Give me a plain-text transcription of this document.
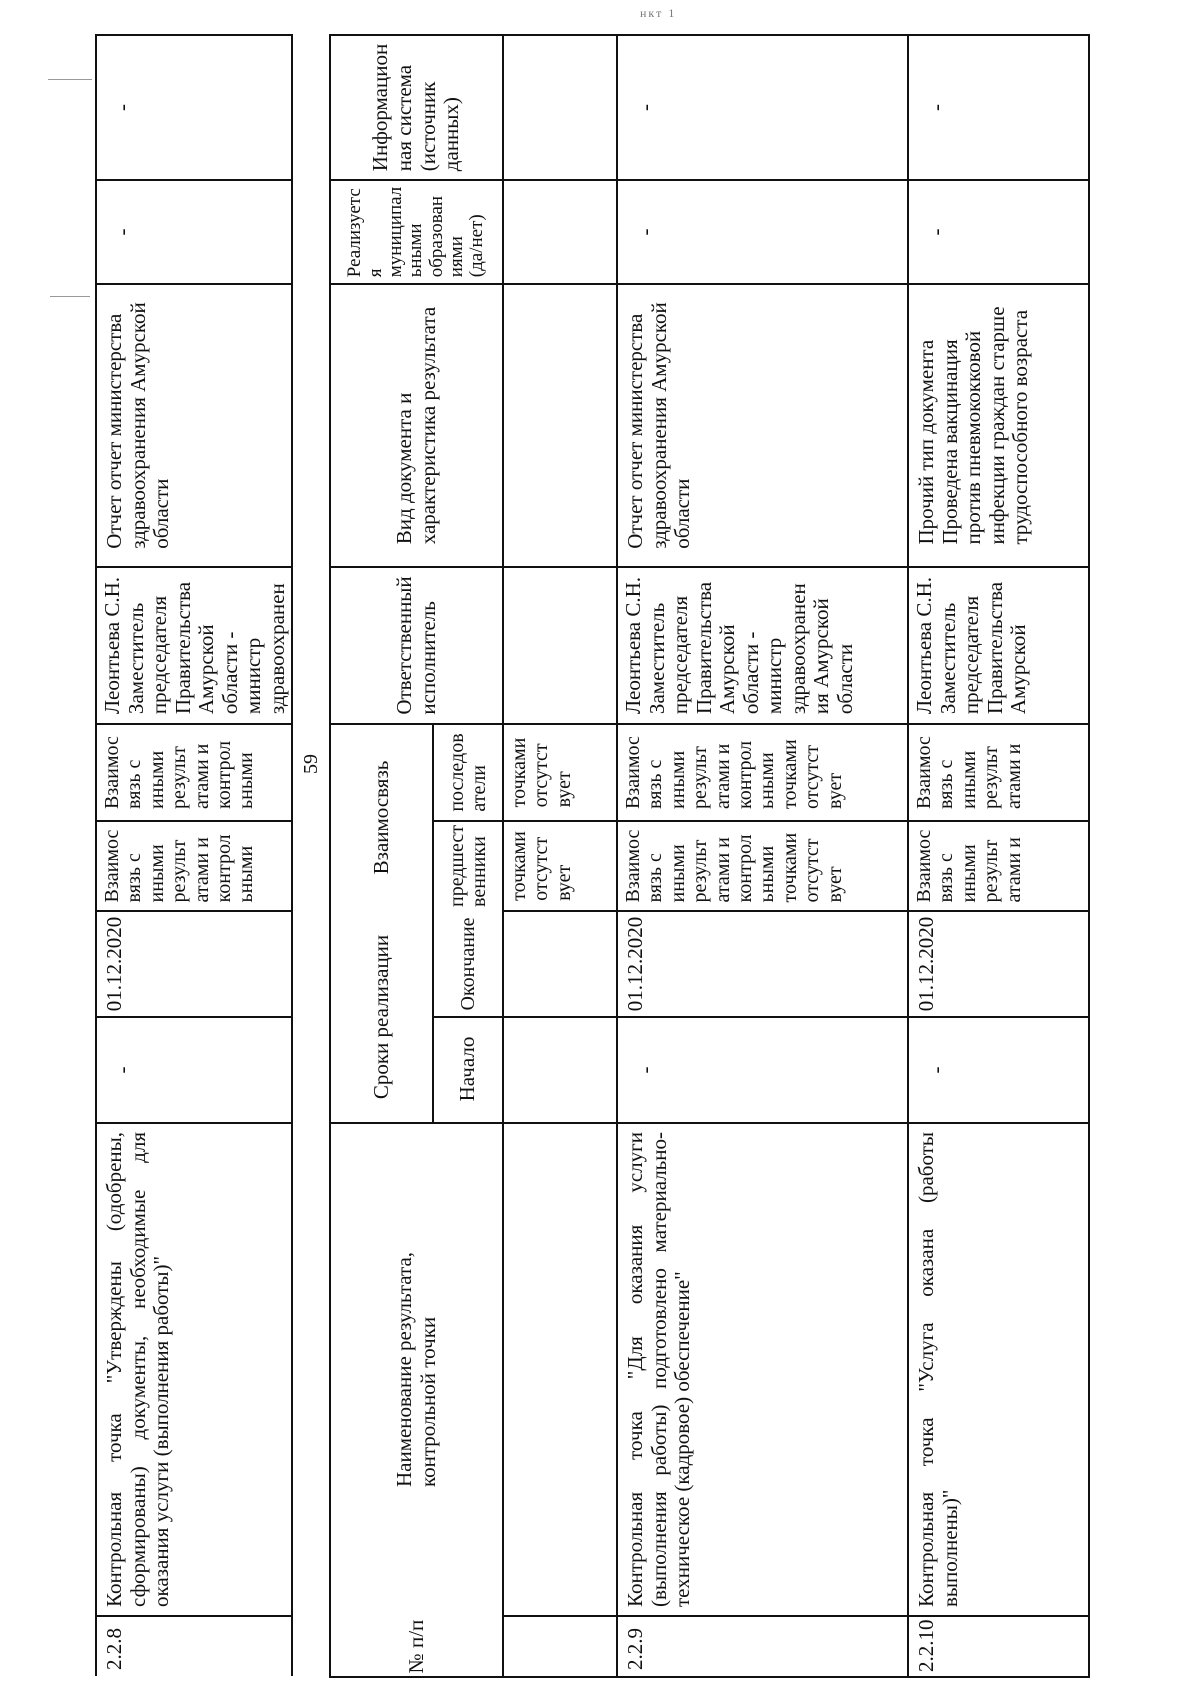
нкт 1
-
-
Отчет отчет министерства
здравоохранения Амурской
области
Леонтьева С.Н.
Заместитель
председателя
Правительства
Амурской
области -
министр
здравоохранен
Взаимос
вязь с
иными
результ
атами и
контрол
ьными
Взаимос
вязь с
иными
результ
атами и
контрол
ьными
01.12.2020
-
Контрольная точка "Утверждены (одобрены, сформированы) документы, необходимые для оказания услуги (выполнения работы)"
2.2.8
59
Информацион
ная система
(источник
данных)
Реализуетс
я
муниципал
ьными
образован
иями
(да/нет)
Вид документа и
характеристика результата
Ответственный
исполнитель
Взаимосвязь	последов
атели
предшест
венники
Сроки реализации	Окончание
Начало
Наименование результата,
контрольной точки
№ п/п
точками
отсутст
вует
точками
отсутст
вует
-
-
Отчет отчет министерства
здравоохранения Амурской
области
Леонтьева С.Н.
Заместитель
председателя
Правительства
Амурской
области -
министр
здравоохранен
ия Амурской
области
Взаимос
вязь с
иными
результ
атами и
контрол
ьными
точками
отсутст
вует
Взаимос
вязь с
иными
результ
атами и
контрол
ьными
точками
отсутст
вует
01.12.2020
-
Контрольная точка "Для оказания услуги (выполнения работы) подготовлено материально-техническое (кадровое) обеспечение"
2.2.9
-
-
Прочий тип документа
Проведена вакцинация
против пневмококковой
инфекции граждан старше
трудоспособного возраста
Леонтьева С.Н.
Заместитель
председателя
Правительства
Амурской
Взаимос
вязь с
иными
результ
атами и
Взаимос
вязь с
иными
результ
атами и
01.12.2020
-
Контрольная точка "Услуга оказана (работы выполнены)"
2.2.10
